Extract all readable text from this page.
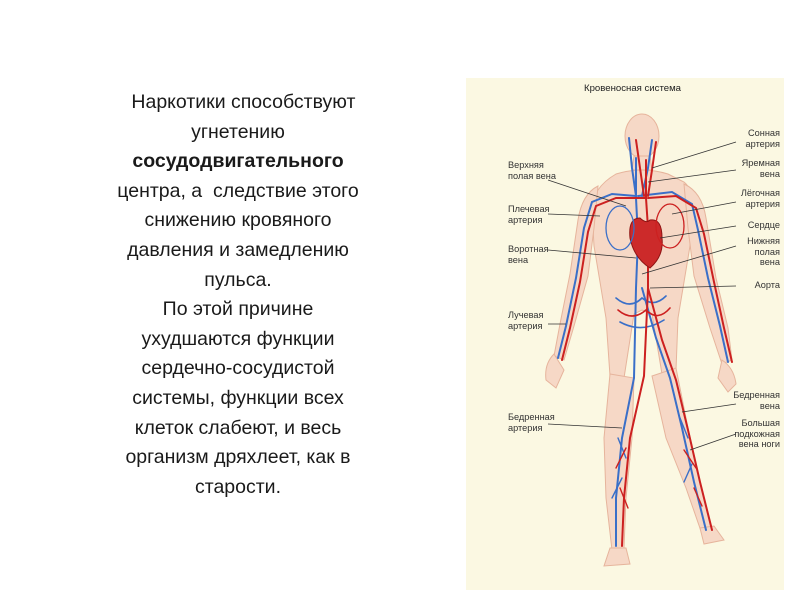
Наркотики способствуют
угнетению
сосудодвигательного
центра, а  следствие этого
снижению кровяного
давления и замедлению
пульса.
По этой причине
ухудшаются функции
сердечно-сосудистой
системы, функции всех
клеток слабеют, и весь
организм дряхлеет, как в
старости.
Кровеносная система
Верхняя
полая вена
Плечевая
артерия
Воротная
вена
Лучевая
артерия
Бедренная
артерия
Сонная
артерия
Яремная
вена
Лёгочная
артерия
Сердце
Нижняя
полая
вена
Аорта
Бедренная
вена
Большая
подкожная
вена ноги
